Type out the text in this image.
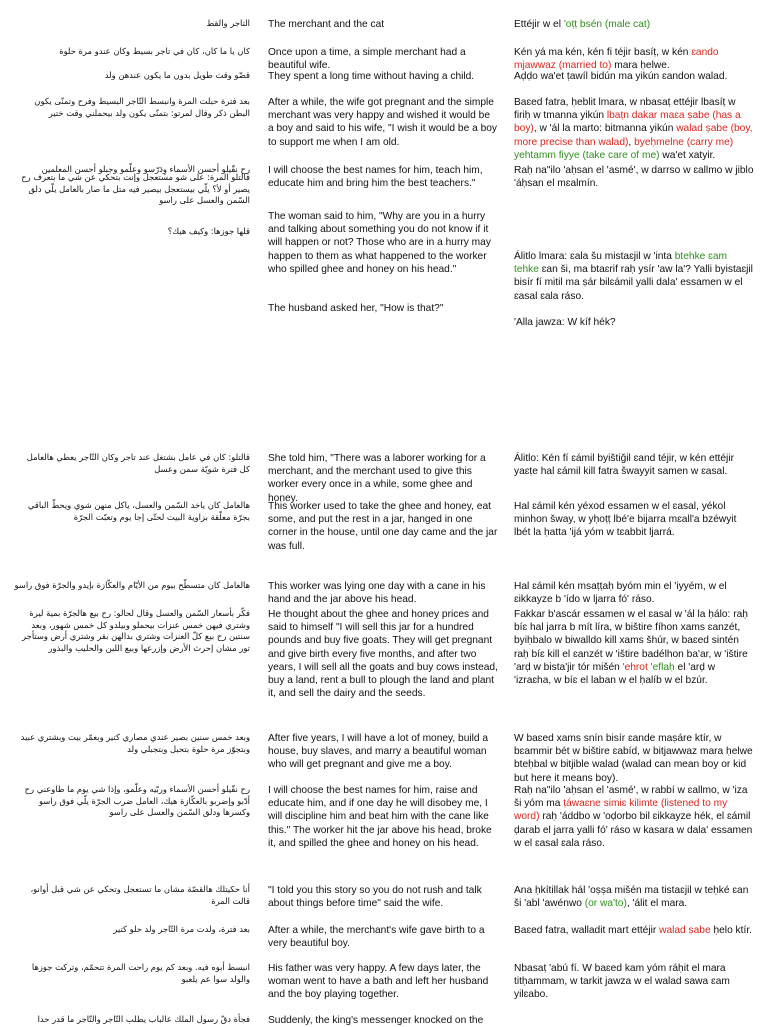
التاجر والقط The merchant and the cat	Ettéjir w el 'oṭṭ bsén (male cat)
كان يا ما كان، كان في تاجر بسيط وكان عندو مرة حلوة Once upon a time, a simple merchant had a beautiful wife.
Kén yá ma kén, kén fi téjir basíṭ, w kén ɛando mjawwaz (married to) mara ḥelwe.
قضّو وقت طويل بدون ما يكون عندهن ولد They spent a long time without having a child.	Aḍḍo wa'et ṭawíl bidún ma yikún ɛandon walad.
بعد فترة حبلت المرة وانبسط التّاجر البسيط وفرح وتمنّى يكون البطن ذكر وقال لمرتو: بتمنّى يكون ولد بيحملني وقت ختير
After a while, the wife got pregnant and the simple merchant was very happy and wished it would be a boy and said to his wife, "I wish it would be a boy to support me when I am old.
Baɛed fatra, ḥeblit lmara, w nbasaṭ ettéjir lbasíṭ w firiḥ w tmanna yikún lbaṭn dakar maɛa ṣabe (has a boy), w 'ál la marto: bitmanna yikún walad ṣabe (boy, more precise than walad), byeḥmelne (carry me) yehtamm fiyye (take care of me) wa'et xatyir.
رح نقّيلو أحسن الأسماء وِدَرّسو وعلّمو وجبلو أحسن المعلمين I will choose the best names for him, teach him, educate him and bring him the best teachers."
Raḥ na"ilo 'aḥsan el 'asmé', w darrso w ɛallmo w jiblo 'áḥsan el mɛalmín.
قالتلو المرة: على شو مستعجل وإنت بتحكي عن شي ما بتعرف رح يصير أو لأ؟ يلّي بيستعجل بيصير فيه متل ما صار بالعامل يلّي دلق السّمن والعسل على راسو
The woman said to him, "Why are you in a hurry and talking about something you do not know if it will happen or not? Those who are in a hurry may happen to them as what happened to the worker who spilled ghee and honey on his head."
قلها جوزها: وكيف هيك؟
Álitlo lmara: ɛala šu mistaɛjil w 'inta btehke ɛam tehke ɛan ši, ma btaɛrif raḥ ysír 'aw la'? Yalli byistaɛjil bisír fí mitil ma ṣár bilɛámil yalli dala' essamen w el ɛasal ɛala ráso.
The husband asked her, "How is that?"
'Alla jawza: W kíf hék?
قالتلو: كان في عامل بشتغل عند تاجر وكان التّاجر يعطي هالعامل كل فترة شويّة سمن وعسل
She told him, "There was a laborer working for a merchant, and the merchant used to give this worker every once in a while, some ghee and honey.
Álitlo: Kén fí ɛámil byištiğil ɛand téjir, w kén ettéjir yaɛṭe hal ɛámil kill fatra šwayyit samen w ɛasal.
هالعامل كان ياخد السّمن والعسل، ياكل منهن شوي ويحطّ الباقي بجرّة معلّقة بزاوية البيت لحتّى إجا يوم وتعبّت الجرّة
This worker used to take the ghee and honey, eat some, and put the rest in a jar, hanged in one corner in the house, until one day came and the jar was full.
Hal ɛámil kén yéxod essamen w el ɛasal, yékol minhon šway, w yḥoṭṭ lbé'e bijarra mɛall'a bzéwyit lbét la ḥatta 'ijá yóm w tɛabbit ljarrá.
هالعامل كان متسطّح بيوم من الأيّام والعكّازة بإيدو والجرّة فوق راسو This worker was lying one day with a cane in his hand and the jar above his head.
Hal ɛámil kén msaṭṭaḥ byóm min el 'iyyém, w el ɛikkayze b 'ído w ljarra fó' ráso.
فكّر بأسعار السّمن والعسل وقال لحالو: رح بيع هالجرّة بمية ليرة وشتري فيهن خمس عنزات بيحملو وبيلدو كل خمس شهور، وبعد سنتين رح بيع كلّ العنزات وشتري بدالهن بقر وشتري أرض وستأجر تور مشان إحرث الأرض وإزرعها وبيع اللبن والحليب والبذور
He thought about the ghee and honey prices and said to himself "I will sell this jar for a hundred pounds and buy five goats. They will get pregnant and give birth every five months, and after two years, I will sell all the goats and buy cows instead, buy a land, rent a bull to plough the land and plant it, and sell the dairy and the seeds.
Fakkar b'ascár essamen w el ɛasal w 'ál la ḥálo: raḥ bíɛ hal jarra b mít líra, w bištire fíhon xams ɛanzét, byiḥbalo w biwalldo kill xams šhúr, w baɛed sintén raḥ bíɛ kill el ɛanzét w 'ištire badélhon ba'ar, w 'ištire 'arḍ w bista'jir tór mišén 'ehrot 'eflaḥ el 'arḍ w 'izraɛha, w bíɛ el laban w el ḥalíb w el bzúr.
وبعد خمس سنين بصير عندي مصاري كتير وبعمّر بيت وبشتري عبيد وبتجوّز مرة حلوة بتحبل وبتجبلي ولد
After five years, I will have a lot of money, build a house, buy slaves, and marry a beautiful woman who will get pregnant and give me a boy.
W baɛed xams snín bisír ɛande maṣáre ktír, w bɛammir bét w bištire ɛabíd, w bitjawwaz mara ḥelwe bteḥbal w bitjible walad (walad can mean boy or kid but here it means boy).
رح نقّيلو أحسن الأسماء وربّيه وعلّمو، وإذا شي يوم ما طاوعني رح أدّبو وإضربو بالعكّازة هيك، العامل ضرب الجرّة يلّي فوق راسو وكسرها ودلق السّمن والعسل على راسو
I will choose the best names for him, raise and educate him, and if one day he will disobey me, I will discipline him and beat him with the cane like this." The worker hit the jar above his head, broke it, and spilled the ghee and honey on his head.
Raḥ na"ilo 'aḥsan el 'asmé', w rabbí w ɛallmo, w 'iza ši yóm ma ṭáwaɛne simiɛ kilimte (listened to my word) raḥ 'áddbo w 'oḍorbo bil ɛikkayze hék, el ɛámil ḍarab el jarra yalli fó' ráso w kasara w dala' essamen w el ɛasal ɛala ráso.
أنا حكيتلك هالقصّة مشان ما تستعجل وتحكي عن شي قبل أوانو، قالت المرة
"I told you this story so you do not rush and talk about things before time" said the wife.
Ana ḥkítillak hál 'oṣṣa mišén ma tistaɛjil w teḥké ɛan ši 'abl 'awénwo (or wa'to), 'álit el mara.
بعد فترة، ولدت مرة التّاجر ولد حلو كتير After a while, the merchant's wife gave birth to a very beautiful boy.
Baɛed fatra, walladit mart ettéjir walad ṣabe ḥelo ktír.
انبسط أبوه فيه. وبعد كم يوم راحت المرة تتحمّم، وتركت جوزها والولد سوا عم يلعبو
His father was very happy. A few days later, the woman went to have a bath and left her husband and the boy playing together.
Nbasaṭ 'abú fí. W baɛed kam yóm ráḥit el mara titḥammam, w tarkit jawza w el walad sawa ɛam yilɛabo.
فجأة دقّ رسول الملك عالباب يطلب التّاجر والتّاجر ما قدر حدا Suddenly, the king's messenger knocked on the
